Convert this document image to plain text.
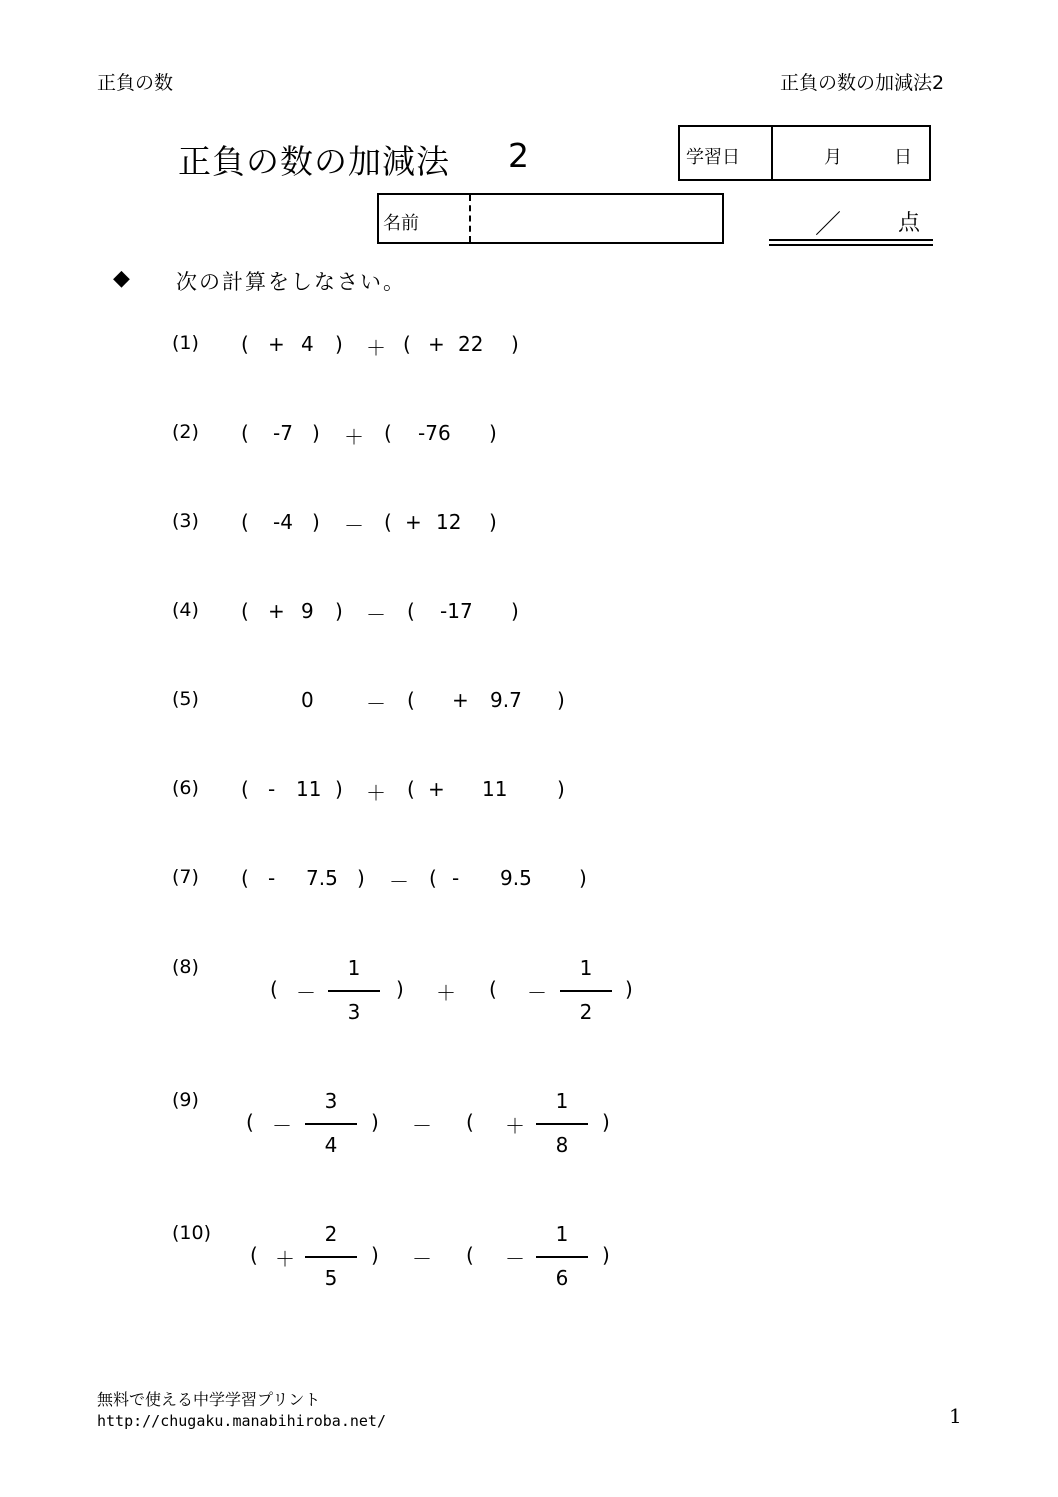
正負の数	正負の数の加減法2
正負の数の加減法 2	学習日	月	日
名前	／	点
◆ 次の計算をしなさい。
(1) ( + 4 ) ＋ ( + 22 )
(2) ( -7 ) ＋ ( -76 )
(3) ( -4 ) － ( + 12 )
(4) ( + 9 ) － ( -17 )
(5)	0	－ ( + 9.7 )
(6) ( - 11 ) ＋ ( + 11 )
(7) ( - 7.5 ) － ( - 9.5 )
(8)
( －
1
3
) ＋ ( －
1
2
)
(9)
( －
3
4
) － ( ＋
1
8
)
(10)
( ＋
2
5
) － ( －
1
6
)
無料で使える中学学習プリント
http://chugaku.manabihiroba.net/	1
